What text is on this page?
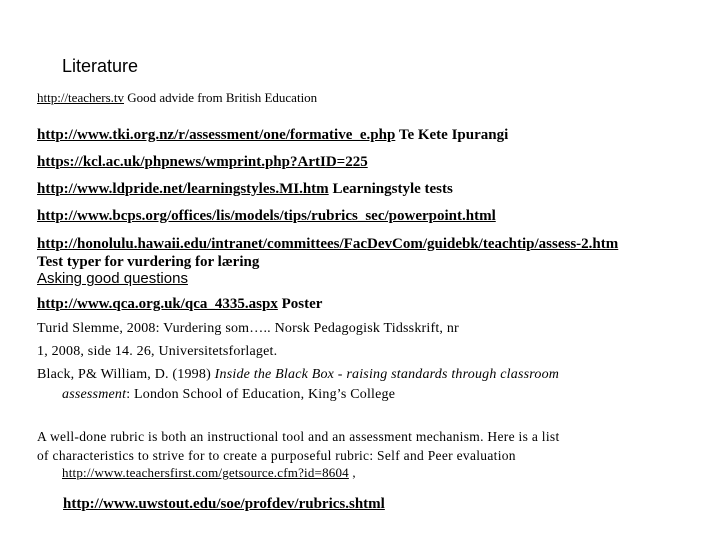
Literature
http://teachers.tv Good advide from British Education
http://www.tki.org.nz/r/assessment/one/formative_e.php Te Kete Ipurangi
https://kcl.ac.uk/phpnews/wmprint.php?ArtID=225
http://www.ldpride.net/learningstyles.MI.htm Learningstyle tests
http://www.bcps.org/offices/lis/models/tips/rubrics_sec/powerpoint.html
http://honolulu.hawaii.edu/intranet/committees/FacDevCom/guidebk/teachtip/assess-2.htm
Test typer for vurdering for læring
Asking good questions
http://www.qca.org.uk/qca_4335.aspx Poster
Turid Slemme, 2008: Vurdering som….. Norsk Pedagogisk Tidsskrift, nr
1, 2008, side 14. 26, Universitetsforlaget.
Black, P& William, D. (1998) Inside the Black Box - raising standards through classroom
assessment: London School of Education, King’s College
A well-done rubric is both an instructional tool and an assessment mechanism. Here is a list
of characteristics to strive for to create a purposeful rubric: Self and Peer evaluation
http://www.teachersfirst.com/getsource.cfm?id=8604 ,
http://www.uwstout.edu/soe/profdev/rubrics.shtml
